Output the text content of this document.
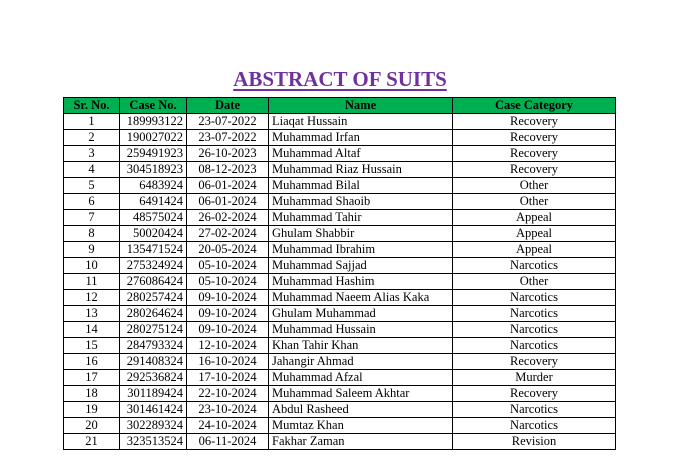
ABSTRACT OF SUITS
Sr. No.	Case No.	Date	Name	Case Category
1	189993122	23-07-2022	Liaqat Hussain	Recovery
2	190027022	23-07-2022	Muhammad Irfan	Recovery
3	259491923	26-10-2023	Muhammad Altaf	Recovery
4	304518923	08-12-2023	Muhammad Riaz Hussain	Recovery
5	6483924	06-01-2024	Muhammad Bilal	Other
6	6491424	06-01-2024	Muhammad Shaoib	Other
7	48575024	26-02-2024	Muhammad Tahir	Appeal
8	50020424	27-02-2024	Ghulam Shabbir	Appeal
9	135471524	20-05-2024	Muhammad Ibrahim	Appeal
10	275324924	05-10-2024	Muhammad Sajjad	Narcotics
11	276086424	05-10-2024	Muhammad Hashim	Other
12	280257424	09-10-2024	Muhammad Naeem Alias Kaka	Narcotics
13	280264624	09-10-2024	Ghulam Muhammad	Narcotics
14	280275124	09-10-2024	Muhammad Hussain	Narcotics
15	284793324	12-10-2024	Khan Tahir Khan	Narcotics
16	291408324	16-10-2024	Jahangir Ahmad	Recovery
17	292536824	17-10-2024	Muhammad Afzal	Murder
18	301189424	22-10-2024	Muhammad Saleem Akhtar	Recovery
19	301461424	23-10-2024	Abdul Rasheed	Narcotics
20	302289324	24-10-2024	Mumtaz Khan	Narcotics
21	323513524	06-11-2024	Fakhar Zaman	Revision
